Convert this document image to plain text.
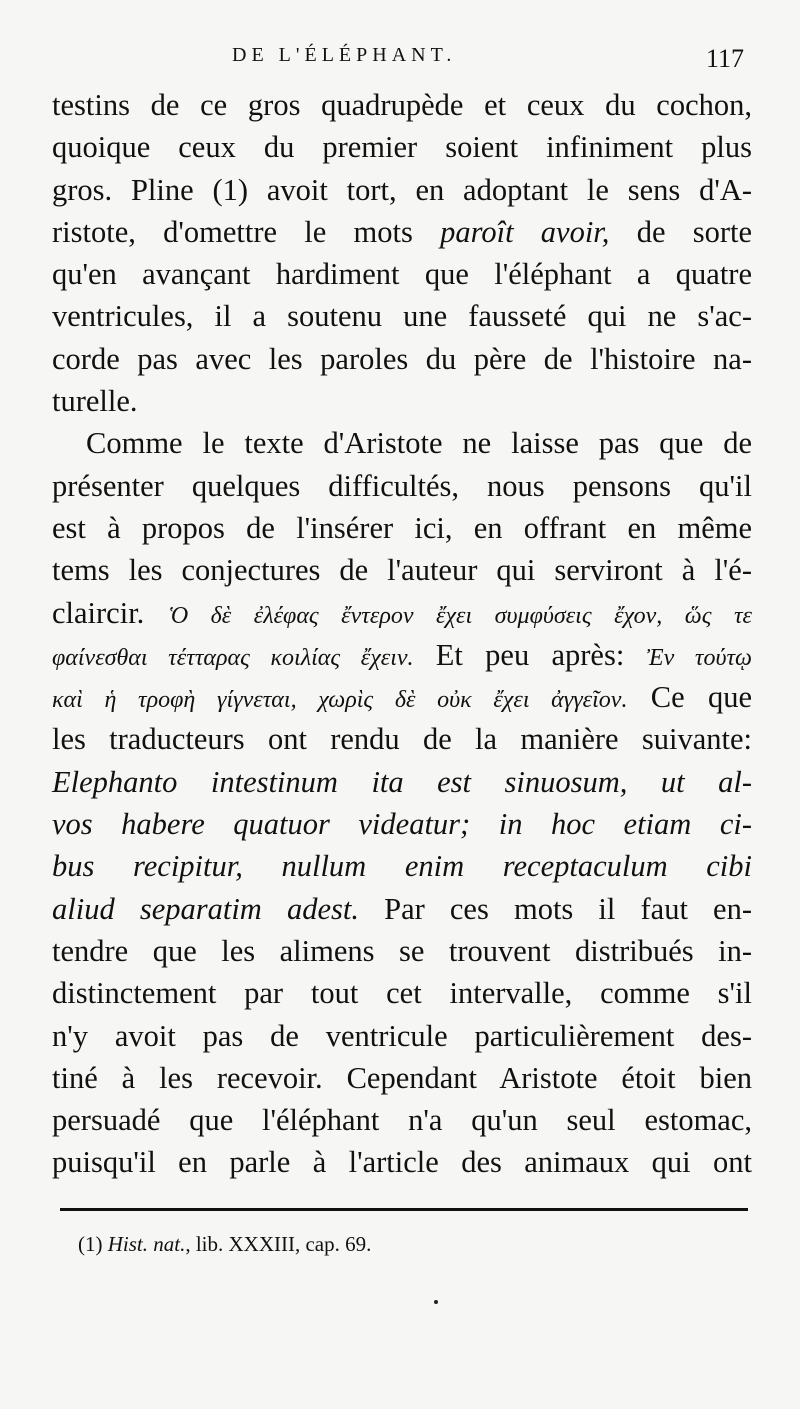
DE L'ÉLÉPHANT.	117
testins de ce gros quadrupède et ceux du cochon,
quoique ceux du premier soient infiniment plus
gros. Pline (1) avoit tort, en adoptant le sens d'A-
ristote, d'omettre le mots paroît avoir, de sorte
qu'en avançant hardiment que l'éléphant a quatre
ventricules, il a soutenu une fausseté qui ne s'ac-
corde pas avec les paroles du père de l'histoire na-
turelle.
Comme le texte d'Aristote ne laisse pas que de
présenter quelques difficultés, nous pensons qu'il
est à propos de l'insérer ici, en offrant en même
tems les conjectures de l'auteur qui serviront à l'é-
claircir. Ὁ δὲ ἐλέφας ἔντερον ἔχει συμφύσεις ἔχον, ὥς τε
φαίνεσθαι τέτταρας κοιλίας ἔχειν. Et peu après: Ἐν τούτῳ
καὶ ἡ τροφὴ γίγνεται, χωρὶς δὲ οὐκ ἔχει ἀγγεῖον. Ce que
les traducteurs ont rendu de la manière suivante:
Elephanto intestinum ita est sinuosum, ut al-
vos habere quatuor videatur; in hoc etiam ci-
bus recipitur, nullum enim receptaculum cibi
aliud separatim adest. Par ces mots il faut en-
tendre que les alimens se trouvent distribués in-
distinctement par tout cet intervalle, comme s'il
n'y avoit pas de ventricule particulièrement des-
tiné à les recevoir. Cependant Aristote étoit bien
persuadé que l'éléphant n'a qu'un seul estomac,
puisqu'il en parle à l'article des animaux qui ont
(1) Hist. nat., lib. XXXIII, cap. 69.
